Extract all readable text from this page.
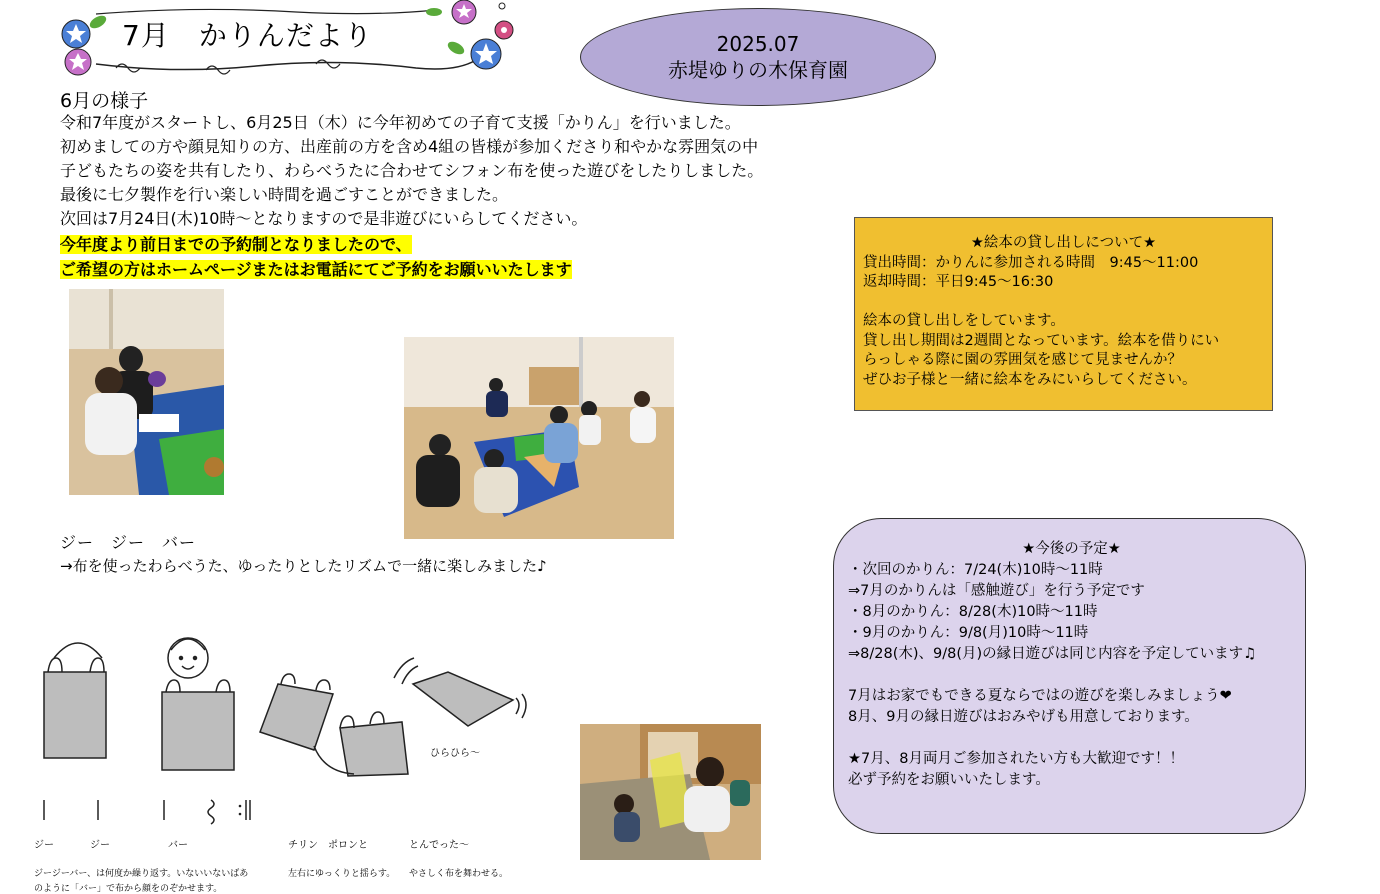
7月　かりんだより	2025.07
赤堤ゆりの木保育園
6月の様子
令和7年度がスタートし、6月25日（木）に今年初めての子育て支援「かりん」を行いました。
初めましての方や顔見知りの方、出産前の方を含め4組の皆様が参加くださり和やかな雰囲気の中
子どもたちの姿を共有したり、わらべうたに合わせてシフォン布を使った遊びをしたりしました。
最後に七夕製作を行い楽しい時間を過ごすことができました。
次回は7月24日(木)10時～となりますので是非遊びにいらしてください。
今年度より前日までの予約制となりましたので、
ご希望の方はホームページまたはお電話にてご予約をお願いいたします
ジー　ジー　バー
→布を使ったわらべうた、ゆったりとしたリズムで一緒に楽しみました♪
ひらひら～
ジー	ジー	バー	チリン　ポロンと	とんでった～
ジージーバー、は何度か繰り返す。いないいないばあ
のように「バー」で布から顔をのぞかせます。
左右にゆっくりと揺らす。 やさしく布を舞わせる。
★絵本の貸し出しについて★
貸出時間：かりんに参加される時間　9:45～11:00
返却時間：平日9:45～16:30
絵本の貸し出しをしています。
貸し出し期間は2週間となっています。絵本を借りにい
らっしゃる際に園の雰囲気を感じて見ませんか？
ぜひお子様と一緒に絵本をみにいらしてください。
★今後の予定★
・次回のかりん：7/24(木)10時～11時
⇒7月のかりんは「感触遊び」を行う予定です
・8月のかりん：8/28(木)10時～11時
・9月のかりん：9/8(月)10時～11時
⇒8/28(木)、9/8(月)の縁日遊びは同じ内容を予定しています♫
7月はお家でもできる夏ならではの遊びを楽しみましょう❤
8月、9月の縁日遊びはおみやげも用意しております。
★7月、8月両月ご参加されたい方も大歓迎です！！
必ず予約をお願いいたします。
